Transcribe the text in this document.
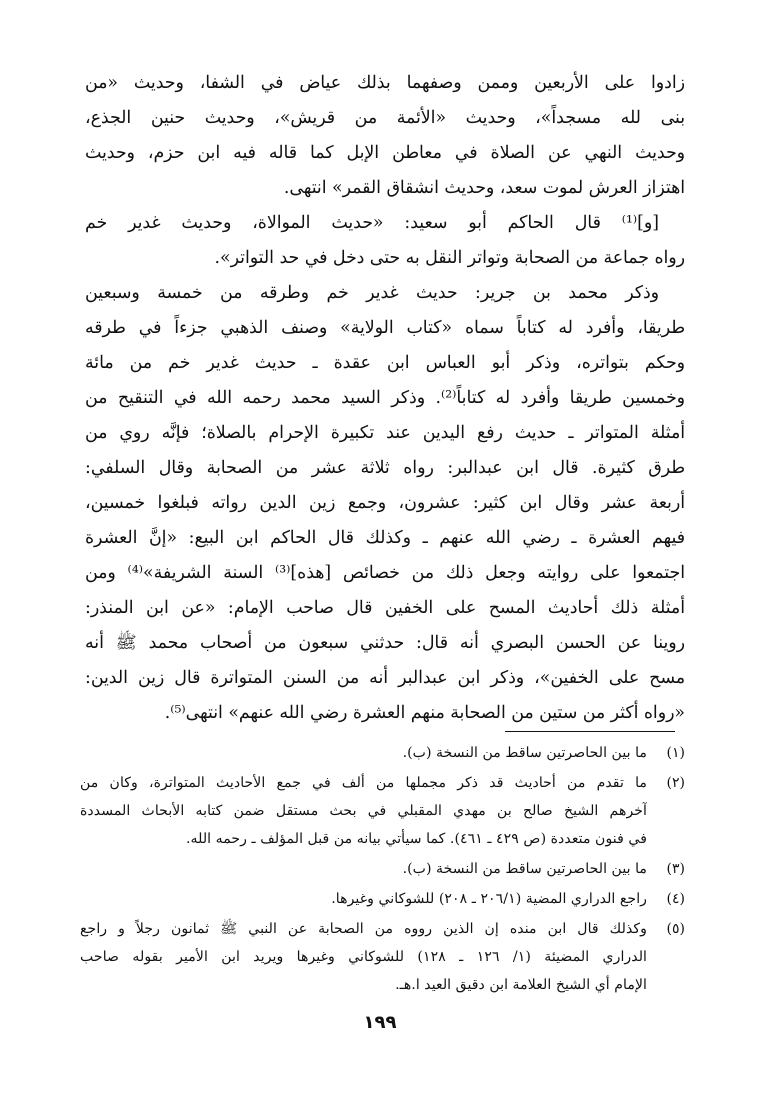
زادوا على الأربعين وممن وصفهما بذلك عياض في الشفا، وحديث «من
بنى لله مسجداً»، وحديث «الأئمة من قريش»، وحديث حنين الجذع،
وحديث النهي عن الصلاة في معاطن الإبل كما قاله فيه ابن حزم، وحديث
اهتزاز العرش لموت سعد، وحديث انشقاق القمر» انتهى.
[و]⁽¹⁾ قال الحاكم أبو سعيد: «حديث الموالاة، وحديث غدير خم
رواه جماعة من الصحابة وتواتر النقل به حتى دخل في حد التواتر».
وذكر محمد بن جرير: حديث غدير خم وطرقه من خمسة وسبعين
طريقا، وأفرد له كتاباً سماه «كتاب الولاية» وصنف الذهبي جزءاً في طرقه
وحكم بتواتره، وذكر أبو العباس ابن عقدة ـ حديث غدير خم من مائة
وخمسين طريقا وأفرد له كتاباً⁽²⁾. وذكر السيد محمد رحمه الله في التنقيح من
أمثلة المتواتر ـ حديث رفع اليدين عند تكبيرة الإحرام بالصلاة؛ فإنَّه روي من
طرق كثيرة. قال ابن عبدالبر: رواه ثلاثة عشر من الصحابة وقال السلفي:
أربعة عشر وقال ابن كثير: عشرون، وجمع زين الدين رواته فبلغوا خمسين،
فيهم العشرة ـ رضي الله عنهم ـ وكذلك قال الحاكم ابن البيع: «إنَّ العشرة
اجتمعوا على روايته وجعل ذلك من خصائص [هذه]⁽³⁾ السنة الشريفة»⁽⁴⁾ ومن
أمثلة ذلك أحاديث المسح على الخفين قال صاحب الإمام: «عن ابن المنذر:
روينا عن الحسن البصري أنه قال: حدثني سبعون من أصحاب محمد ﷺ أنه
مسح على الخفين»، وذكر ابن عبدالبر أنه من السنن المتواترة قال زين الدين:
«رواه أكثر من ستين من الصحابة منهم العشرة رضي الله عنهم» انتهى⁽⁵⁾.
(١)
ما بين الحاصرتين ساقط من النسخة (ب).
(٢)
ما تقدم من أحاديث قد ذكر مجملها من ألف في جمع الأحاديث المتواترة، وكان من
آخرهم الشيخ صالح بن مهدي المقبلي في بحث مستقل ضمن كتابه الأبحاث المسددة
في فنون متعددة (ص ٤٢٩ ـ ٤٦١). كما سيأتي بيانه من قبل المؤلف ـ رحمه الله.
(٣)
ما بين الحاصرتين ساقط من النسخة (ب).
(٤)
راجع الدراري المضية (٢٠٦/١ ـ ٢٠٨) للشوكاني وغيرها.
(٥)
وكذلك قال ابن منده إن الذين رووه من الصحابة عن النبي ﷺ ثمانون رجلاً و راجع
الدراري المضيئة (١/ ١٢٦ ـ ١٢٨) للشوكاني وغيرها ويريد ابن الأمير بقوله صاحب
الإمام أي الشيخ العلامة ابن دقيق العيد ا.هـ.
١٩٩
